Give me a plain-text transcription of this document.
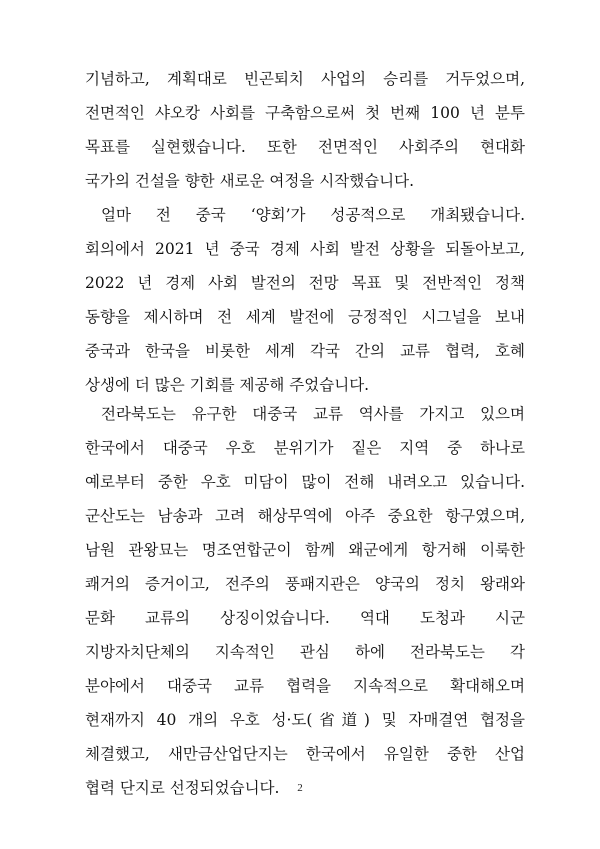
기념하고, 계획대로 빈곤퇴치 사업의 승리를 거두었으며,
전면적인 샤오캉 사회를 구축함으로써 첫 번째 100 년 분투
목표를 실현했습니다. 또한 전면적인 사회주의 현대화
국가의 건설을 향한 새로운 여정을 시작했습니다.
얼마 전 중국 ‘양회’가 성공적으로 개최됐습니다.
회의에서 2021 년 중국 경제 사회 발전 상황을 되돌아보고,
2022 년 경제 사회 발전의 전망 목표 및 전반적인 정책
동향을 제시하며 전 세계 발전에 긍정적인 시그널을 보내
중국과 한국을 비롯한 세계 각국 간의 교류 협력, 호혜
상생에 더 많은 기회를 제공해 주었습니다.
전라북도는 유구한 대중국 교류 역사를 가지고 있으며
한국에서 대중국 우호 분위기가 짙은 지역 중 하나로
예로부터 중한 우호 미담이 많이 전해 내려오고 있습니다.
군산도는 남송과 고려 해상무역에 아주 중요한 항구였으며,
남원 관왕묘는 명조연합군이 함께 왜군에게 항거해 이룩한
쾌거의 증거이고, 전주의 풍패지관은 양국의 정치 왕래와
문화 교류의 상징이었습니다. 역대 도청과 시군
지방자치단체의 지속적인 관심 하에 전라북도는 각
분야에서 대중국 교류 협력을 지속적으로 확대해오며
현재까지 40 개의 우호 성·도(省道) 및 자매결연 협정을
체결했고, 새만금산업단지는 한국에서 유일한 중한 산업
협력 단지로 선정되었습니다.	2
